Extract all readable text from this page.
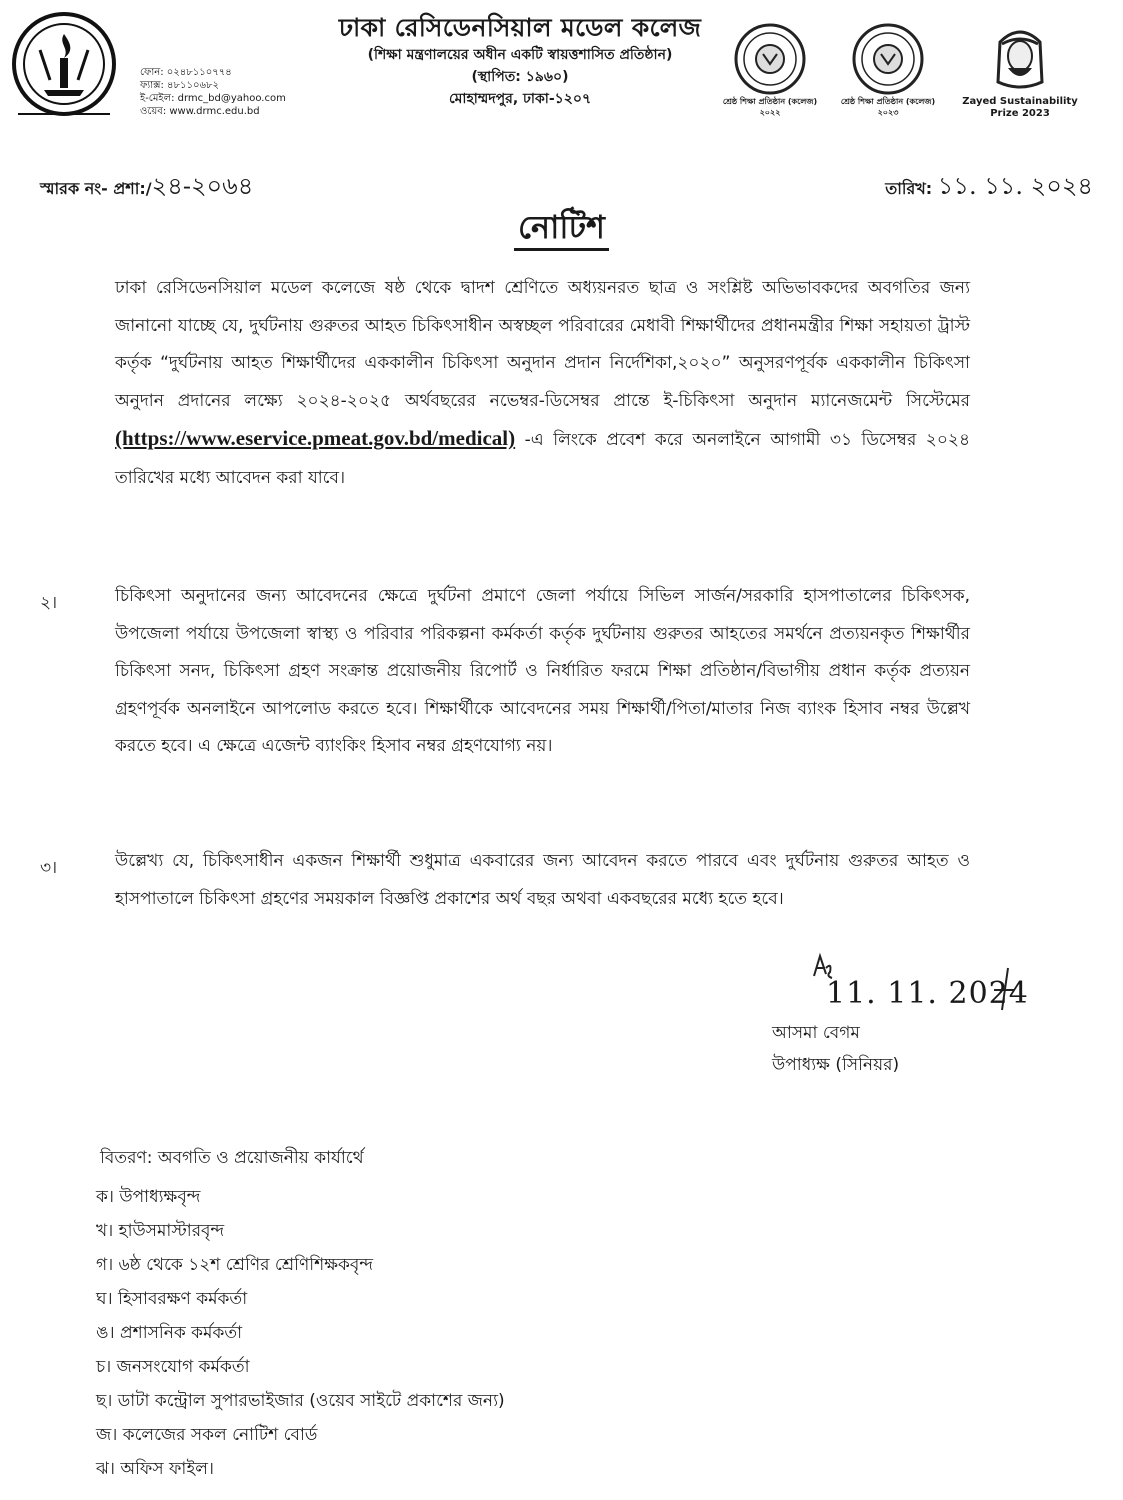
ফোন: ০২৪৮১১০৭৭৪
ফ্যাক্স: ৪৮১১০৬৮২
ই-মেইল: drmc_bd@yahoo.com
ওয়েব: www.drmc.edu.bd
ঢাকা রেসিডেনসিয়াল মডেল কলেজ
(শিক্ষা মন্ত্রণালয়ের অধীন একটি স্বায়ত্তশাসিত প্রতিষ্ঠান)
(স্থাপিত: ১৯৬০)
মোহাম্মদপুর, ঢাকা-১২০৭	শ্রেষ্ঠ শিক্ষা প্রতিষ্ঠান (কলেজ)
২০২২
শ্রেষ্ঠ শিক্ষা প্রতিষ্ঠান (কলেজ)
২০২৩
Zayed Sustainability
Prize 2023
স্মারক নং- প্রশা:/২৪-২০৬৪	তারিখ: ১১. ১১. ২০২৪
নোটিশ
ঢাকা রেসিডেনসিয়াল মডেল কলেজে ষষ্ঠ থেকে দ্বাদশ শ্রেণিতে অধ্যয়নরত ছাত্র ও সংশ্লিষ্ট অভিভাবকদের অবগতির জন্য জানানো যাচ্ছে যে, দুর্ঘটনায় গুরুতর আহত চিকিৎসাধীন অস্বচ্ছল পরিবারের মেধাবী শিক্ষার্থীদের প্রধানমন্ত্রীর শিক্ষা সহায়তা ট্রাস্ট কর্তৃক “দুর্ঘটনায় আহত শিক্ষার্থীদের এককালীন চিকিৎসা অনুদান প্রদান নির্দেশিকা,২০২০” অনুসরণপূর্বক এককালীন চিকিৎসা অনুদান প্রদানের লক্ষ্যে ২০২৪-২০২৫ অর্থবছরের নভেম্বর-ডিসেম্বর প্রান্তে ই-চিকিৎসা অনুদান ম্যানেজমেন্ট সিস্টেমের (https://www.eservice.pmeat.gov.bd/medical) -এ লিংকে প্রবেশ করে অনলাইনে আগামী ৩১ ডিসেম্বর ২০২৪ তারিখের মধ্যে আবেদন করা যাবে।
২।	চিকিৎসা অনুদানের জন্য আবেদনের ক্ষেত্রে দুর্ঘটনা প্রমাণে জেলা পর্যায়ে সিভিল সার্জন/সরকারি হাসপাতালের চিকিৎসক, উপজেলা পর্যায়ে উপজেলা স্বাস্থ্য ও পরিবার পরিকল্পনা কর্মকর্তা কর্তৃক দুর্ঘটনায় গুরুতর আহতের সমর্থনে প্রত্যয়নকৃত শিক্ষার্থীর চিকিৎসা সনদ, চিকিৎসা গ্রহণ সংক্রান্ত প্রয়োজনীয় রিপোর্ট ও নির্ধারিত ফরমে শিক্ষা প্রতিষ্ঠান/বিভাগীয় প্রধান কর্তৃক প্রত্যয়ন গ্রহণপূর্বক অনলাইনে আপলোড করতে হবে। শিক্ষার্থীকে আবেদনের সময় শিক্ষার্থী/পিতা/মাতার নিজ ব্যাংক হিসাব নম্বর উল্লেখ করতে হবে। এ ক্ষেত্রে এজেন্ট ব্যাংকিং হিসাব নম্বর গ্রহণযোগ্য নয়।
৩।	উল্লেখ্য যে, চিকিৎসাধীন একজন শিক্ষার্থী শুধুমাত্র একবারের জন্য আবেদন করতে পারবে এবং দুর্ঘটনায় গুরুতর আহত ও হাসপাতালে চিকিৎসা গ্রহণের সময়কাল বিজ্ঞপ্তি প্রকাশের অর্থ বছর অথবা একবছরের মধ্যে হতে হবে।
11. 11. 2024
আসমা বেগম
উপাধ্যক্ষ (সিনিয়র)
বিতরণ: অবগতি ও প্রয়োজনীয় কার্যার্থে
ক। উপাধ্যক্ষবৃন্দ
খ। হাউসমাস্টারবৃন্দ
গ। ৬ষ্ঠ থেকে ১২শ শ্রেণির শ্রেণিশিক্ষকবৃন্দ
ঘ। হিসাবরক্ষণ কর্মকর্তা
ঙ। প্রশাসনিক কর্মকর্তা
চ। জনসংযোগ কর্মকর্তা
ছ। ডাটা কন্ট্রোল সুপারভাইজার (ওয়েব সাইটে প্রকাশের জন্য)
জ। কলেজের সকল নোটিশ বোর্ড
ঝ। অফিস ফাইল।
